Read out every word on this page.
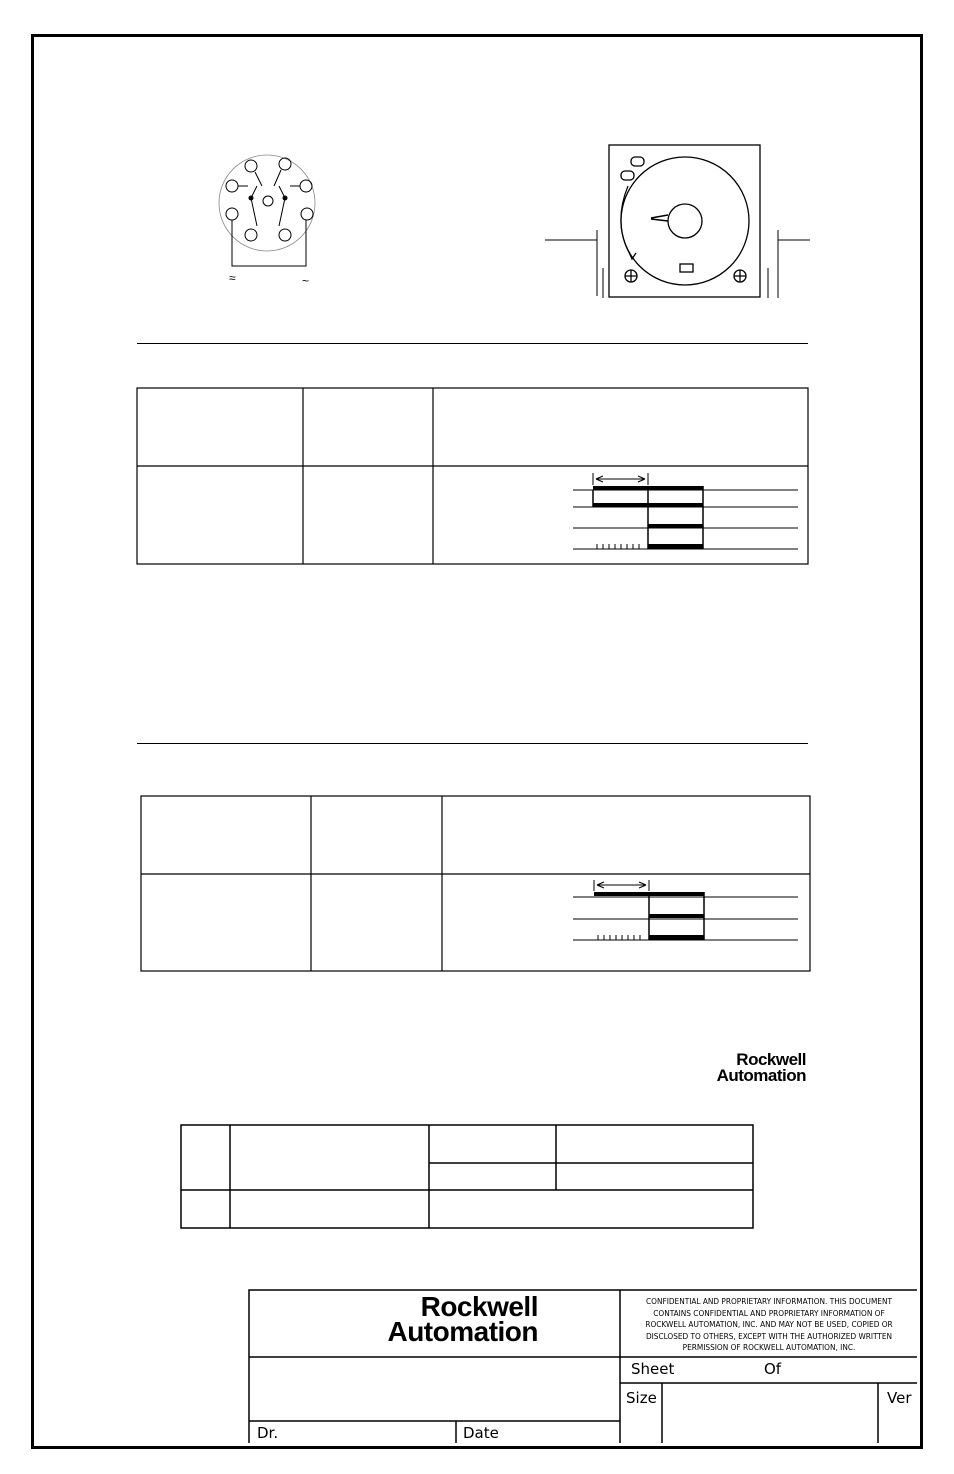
≈	~
Rockwell
Automation
Rockwell
Automation
CONFIDENTIAL AND PROPRIETARY INFORMATION. THIS DOCUMENT
CONTAINS CONFIDENTIAL AND PROPRIETARY INFORMATION OF
ROCKWELL AUTOMATION, INC. AND MAY NOT BE USED, COPIED OR
DISCLOSED TO OTHERS, EXCEPT WITH THE AUTHORIZED WRITTEN
PERMISSION OF ROCKWELL AUTOMATION, INC.
Sheet	Of
Size	Ver
Dr.	Date
